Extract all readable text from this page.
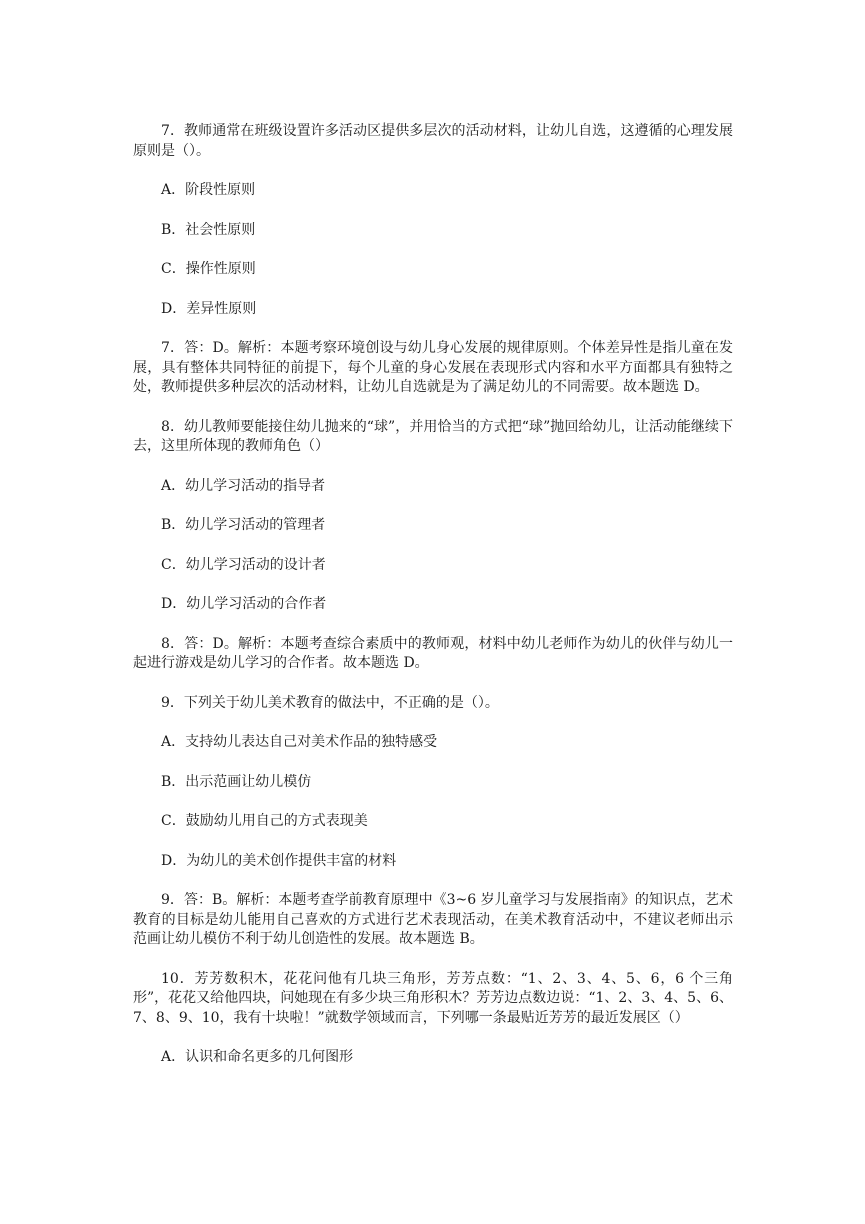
7．教师通常在班级设置许多活动区提供多层次的活动材料，让幼儿自选，这遵循的心理发展原则是（）。

A．阶段性原则

B．社会性原则

C．操作性原则

D．差异性原则

7．答：D。解析：本题考察环境创设与幼儿身心发展的规律原则。个体差异性是指儿童在发展，具有整体共同特征的前提下，每个儿童的身心发展在表现形式内容和水平方面都具有独特之处，教师提供多种层次的活动材料，让幼儿自选就是为了满足幼儿的不同需要。故本题选 D。

8．幼儿教师要能接住幼儿抛来的“球”，并用恰当的方式把“球”抛回给幼儿，让活动能继续下去，这里所体现的教师角色（）

A．幼儿学习活动的指导者

B．幼儿学习活动的管理者

C．幼儿学习活动的设计者

D．幼儿学习活动的合作者

8．答：D。解析：本题考查综合素质中的教师观，材料中幼儿老师作为幼儿的伙伴与幼儿一起进行游戏是幼儿学习的合作者。故本题选 D。

9．下列关于幼儿美术教育的做法中，不正确的是（）。

A．支持幼儿表达自己对美术作品的独特感受

B．出示范画让幼儿模仿

C．鼓励幼儿用自己的方式表现美

D．为幼儿的美术创作提供丰富的材料

9．答：B。解析：本题考查学前教育原理中《3~6 岁儿童学习与发展指南》的知识点，艺术教育的目标是幼儿能用自己喜欢的方式进行艺术表现活动，在美术教育活动中，不建议老师出示范画让幼儿模仿不利于幼儿创造性的发展。故本题选 B。

10．芳芳数积木，花花问他有几块三角形，芳芳点数：“1、2、3、4、5、6，6 个三角形”，花花又给他四块，问她现在有多少块三角形积木？芳芳边点数边说：“1、2、3、4、5、6、7、8、9、10，我有十块啦！”就数学领域而言，下列哪一条最贴近芳芳的最近发展区（）

A．认识和命名更多的几何图形
